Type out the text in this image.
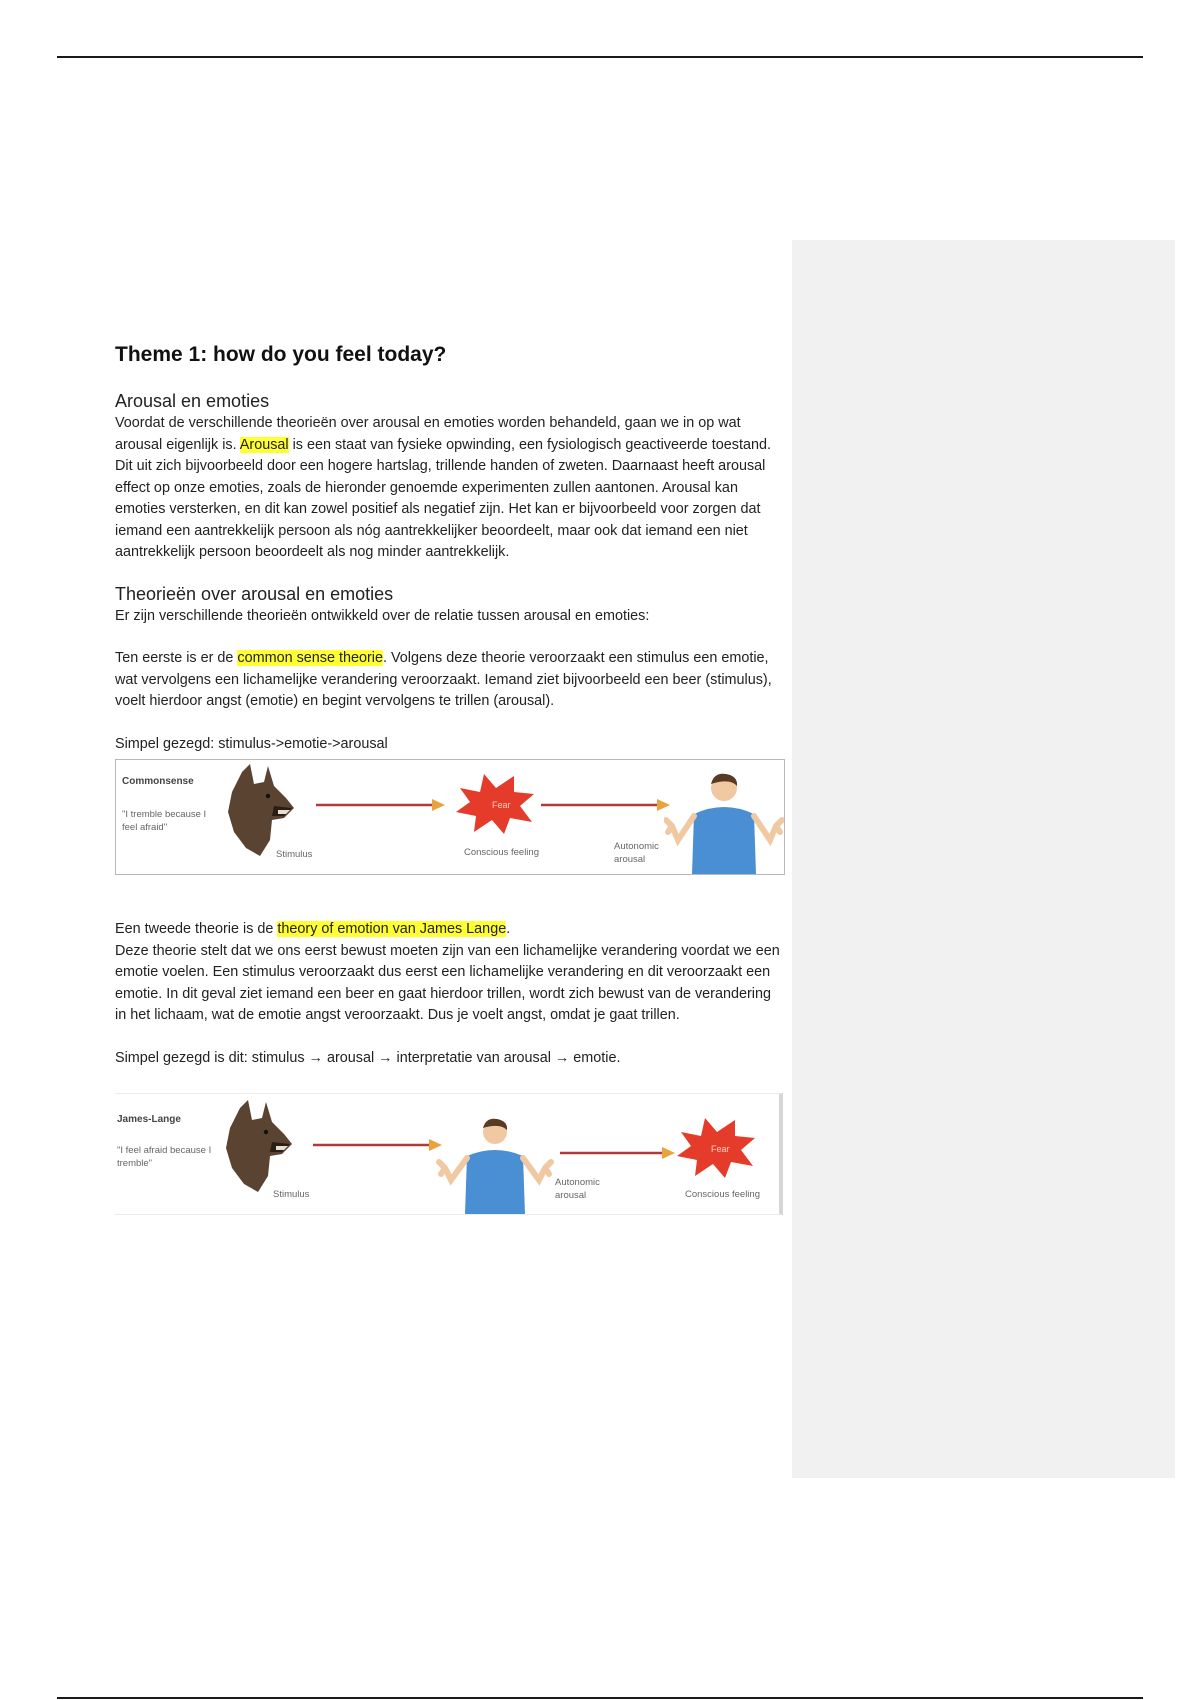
Theme 1: how do you feel today?
Arousal en emoties

Voordat de verschillende theorieën over arousal en emoties worden behandeld, gaan we in op wat arousal eigenlijk is. Arousal is een staat van fysieke opwinding, een fysiologisch geactiveerde toestand. Dit uit zich bijvoorbeeld door een hogere hartslag, trillende handen of zweten. Daarnaast heeft arousal effect op onze emoties, zoals de hieronder genoemde experimenten zullen aantonen. Arousal kan emoties versterken, en dit kan zowel positief als negatief zijn. Het kan er bijvoorbeeld voor zorgen dat iemand een aantrekkelijk persoon als nóg aantrekkelijker beoordeelt, maar ook dat iemand een niet aantrekkelijk persoon beoordeelt als nog minder aantrekkelijk.

Theorieën over arousal en emoties

Er zijn verschillende theorieën ontwikkeld over de relatie tussen arousal en emoties:

Ten eerste is er de common sense theorie. Volgens deze theorie veroorzaakt een stimulus een emotie, wat vervolgens een lichamelijke verandering veroorzaakt. Iemand ziet bijvoorbeeld een beer (stimulus), voelt hierdoor angst (emotie) en begint vervolgens te trillen (arousal).

Simpel gezegd: stimulus->emotie->arousal

Commonsense
"I tremble because I feel afraid"
Stimulus
Fear
Conscious feeling
Autonomic arousal

Een tweede theorie is de theory of emotion van James Lange.
Deze theorie stelt dat we ons eerst bewust moeten zijn van een lichamelijke verandering voordat we een emotie voelen. Een stimulus veroorzaakt dus eerst een lichamelijke verandering en dit veroorzaakt een emotie. In dit geval ziet iemand een beer en gaat hierdoor trillen, wordt zich bewust van de verandering in het lichaam, wat de emotie angst veroorzaakt. Dus je voelt angst, omdat je gaat trillen.

Simpel gezegd is dit: stimulus → arousal → interpretatie van arousal → emotie.

James-Lange
"I feel afraid because I tremble"
Stimulus
Autonomic arousal
Fear
Conscious feeling
